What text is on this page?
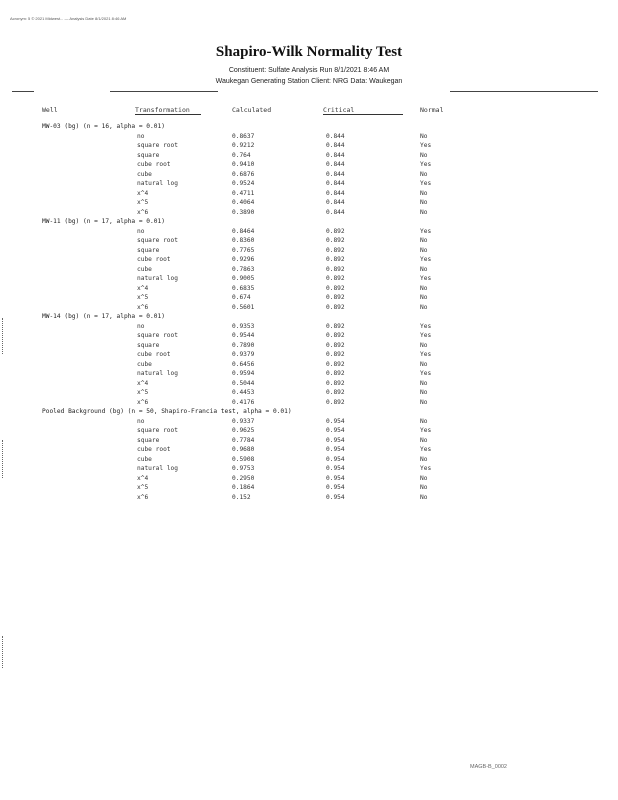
Acronym: 5 © 2021 Midwest... — Analysis Date 8/1/2021 8:46 AM
Shapiro-Wilk Normality Test
Constituent: Sulfate Analysis Run 8/1/2021 8:46 AM
Waukegan Generating Station Client: NRG Data: Waukegan
Well	Transformation	Calculated	Critical	Normal
MW-03 (bg) (n = 16, alpha = 0.01)
no	0.8637	0.844	No
square root	0.9212	0.844	Yes
square	0.764	0.844	No
cube root	0.9410	0.844	Yes
cube	0.6876	0.844	No
natural log	0.9524	0.844	Yes
x^4	0.4711	0.844	No
x^5	0.4064	0.844	No
x^6	0.3890	0.844	No
MW-11 (bg) (n = 17, alpha = 0.01)
no	0.8464	0.892	Yes
square root	0.8360	0.892	No
square	0.7765	0.892	No
cube root	0.9296	0.892	Yes
cube	0.7863	0.892	No
natural log	0.9005	0.892	Yes
x^4	0.6835	0.892	No
x^5	0.674	0.892	No
x^6	0.5601	0.892	No
MW-14 (bg) (n = 17, alpha = 0.01)
no	0.9353	0.892	Yes
square root	0.9544	0.892	Yes
square	0.7890	0.892	No
cube root	0.9379	0.892	Yes
cube	0.6456	0.892	No
natural log	0.9594	0.892	Yes
x^4	0.5044	0.892	No
x^5	0.4453	0.892	No
x^6	0.4176	0.892	No
Pooled Background (bg) (n = 50, Shapiro-Francia test, alpha = 0.01)
no	0.9337	0.954	No
square root	0.9625	0.954	Yes
square	0.7784	0.954	No
cube root	0.9680	0.954	Yes
cube	0.5908	0.954	No
natural log	0.9753	0.954	Yes
x^4	0.2950	0.954	No
x^5	0.1864	0.954	No
x^6	0.152	0.954	No
MAGB-B_0002
